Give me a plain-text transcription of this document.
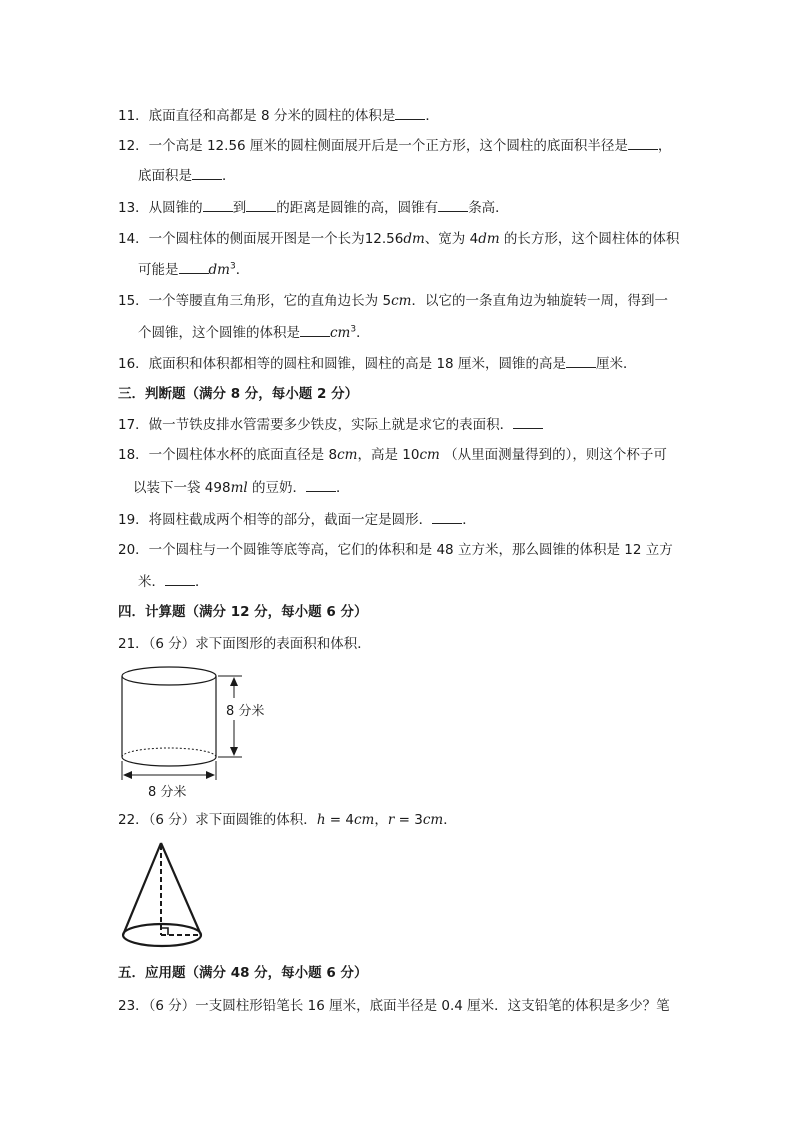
11．底面直径和高都是 8 分米的圆柱的体积是 ．
12．一个高是 12.56 厘米的圆柱侧面展开后是一个正方形，这个圆柱的底面积半径是 ，
底面积是 ．
13．从圆锥的 到 的距离是圆锥的高，圆锥有 条高．
14．一个圆柱体的侧面展开图是一个长为12.56dm、宽为 4dm 的长方形，这个圆柱体的体积
可能是 $dm^3$．
15．一个等腰直角三角形，它的直角边长为 5cm．以它的一条直角边为轴旋转一周，得到一
个圆锥，这个圆锥的体积是 $cm^3$．
16．底面积和体积都相等的圆柱和圆锥，圆柱的高是 18 厘米，圆锥的高是 厘米．
三．判断题（满分 8 分，每小题 2 分）
17．做一节铁皮排水管需要多少铁皮，实际上就是求它的表面积．
18．一个圆柱体水杯的底面直径是 8cm，高是 10cm （从里面测量得到的），则这个杯子可
以装下一袋 498ml 的豆奶． ．
19．将圆柱截成两个相等的部分，截面一定是圆形． ．
20．一个圆柱与一个圆锥等底等高，它们的体积和是 48 立方米，那么圆锥的体积是 12 立方
米． ．
四．计算题（满分 12 分，每小题 6 分）
21．（6 分）求下面图形的表面积和体积．
8 分米
8 分米
22．（6 分）求下面圆锥的体积．h = 4cm，r = 3cm．
五．应用题（满分 48 分，每小题 6 分）
23．（6 分）一支圆柱形铅笔长 16 厘米，底面半径是 0.4 厘米．这支铅笔的体积是多少？笔
